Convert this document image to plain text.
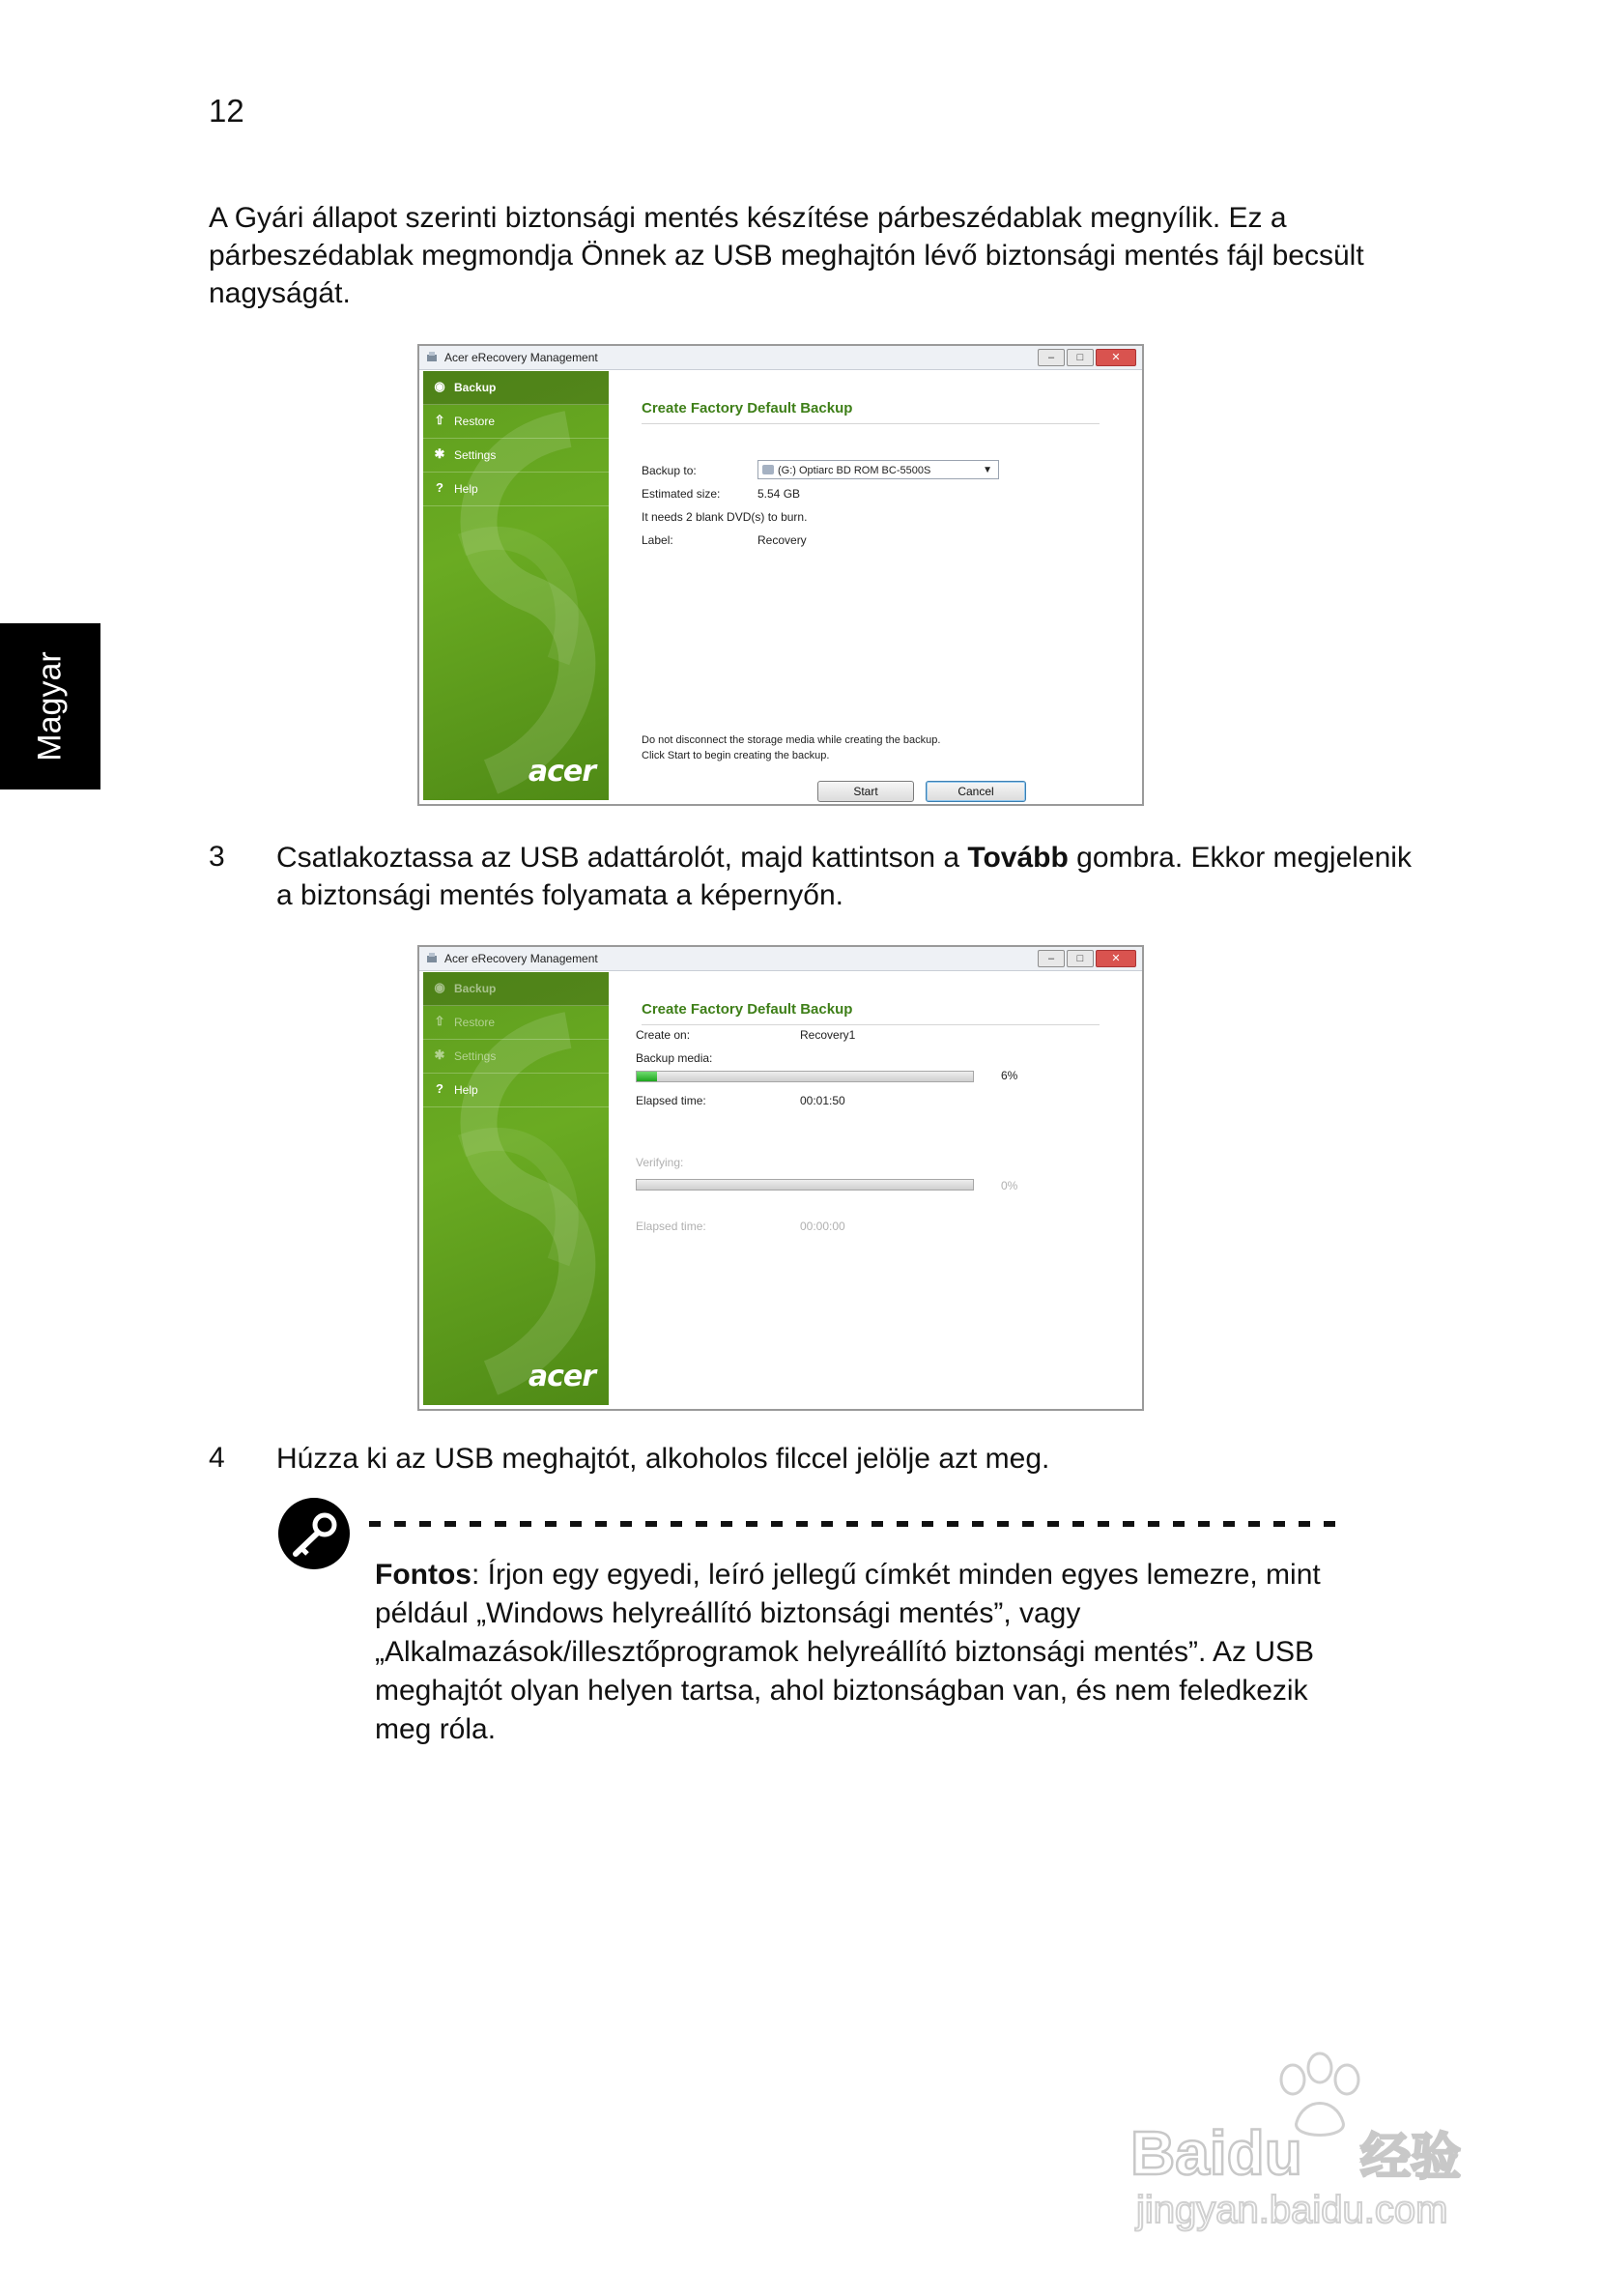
12
Magyar
A Gyári állapot szerinti biztonsági mentés készítése párbeszédablak megnyílik. Ez a párbeszédablak megmondja Önnek az USB meghajtón lévő biztonsági mentés fájl becsült nagyságát.
Acer eRecovery Management	–	□	✕
◉ Backup
⇧ Restore
✱ Settings
? Help
acer
Create Factory Default Backup
Backup to:	(G:) Optiarc BD ROM BC-5500S	▼
Estimated size:	5.54 GB
It needs 2 blank DVD(s) to burn.
Label:	Recovery
Do not disconnect the storage media while creating the backup.
Click Start to begin creating the backup.
Start	Cancel
3 Csatlakoztassa az USB adattárolót, majd kattintson a Tovább gombra. Ekkor megjelenik a biztonsági mentés folyamata a képernyőn.
Acer eRecovery Management	–	□	✕
◉ Backup
⇧ Restore
✱ Settings
? Help
acer
Create Factory Default Backup
Create on:	Recovery1
Backup media:
6%
Elapsed time:	00:01:50
Verifying:
0%
Elapsed time:	00:00:00
4 Húzza ki az USB meghajtót, alkoholos filccel jelölje azt meg.
Fontos: Írjon egy egyedi, leíró jellegű címkét minden egyes lemezre, mint például „Windows helyreállító biztonsági mentés”, vagy „Alkalmazások/illesztőprogramok helyreállító biztonsági mentés”. Az USB meghajtót olyan helyen tartsa, ahol biztonságban van, és nem feledkezik meg róla.
Baidu 经验
jingyan.baidu.com
